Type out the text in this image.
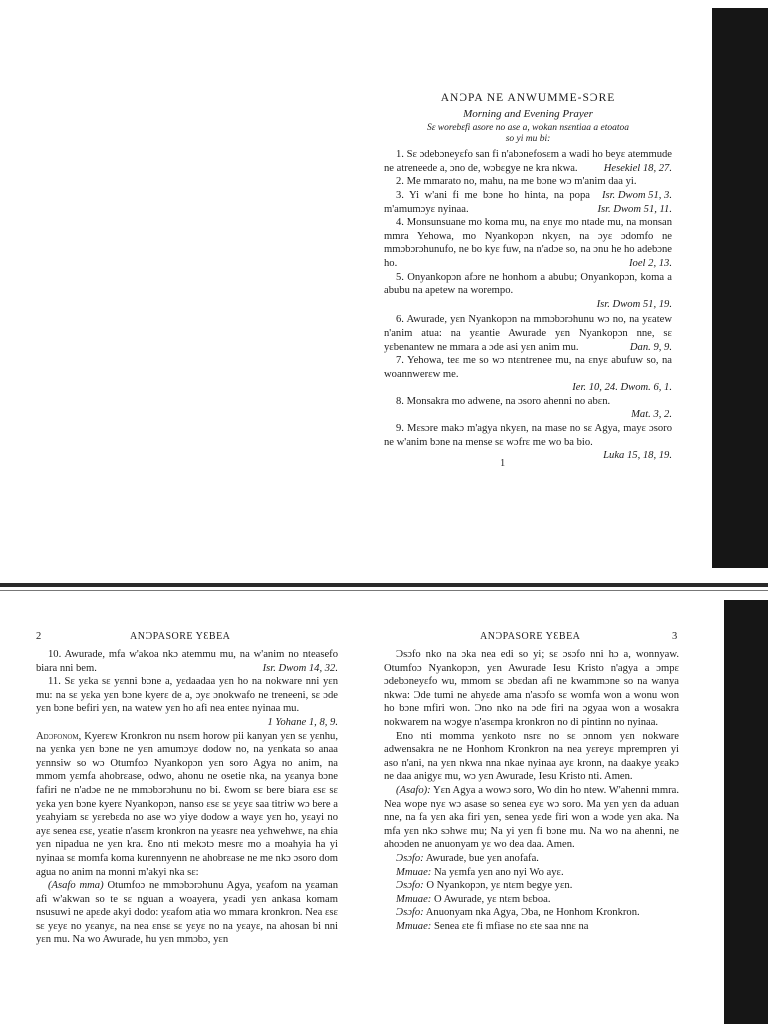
ANƆPA NE ANWUMME-SƆRE
Morning and Evening Prayer
Sɛ worebɛfi asore no ase a, wokan nsɛntiaa a etoatoa
so yi mu bi:

1. Sɛ ɔdebɔneyɛfo san fi n'abɔnefosɛm a wadi ho beyɛ atemmude ne atreneede a, ɔno de, wɔbɛgye ne kra nkwa.	Hesekiel 18, 27.

2. Me mmarato no, mahu, na me bɔne wɔ m'anim daa yi.
Isr. Dwom 51, 3.

3. Yi w'ani fi me bɔne ho hinta, na popa m'amumɔyɛ nyinaa.	Isr. Dwom 51, 11.

4. Monsunsuane mo koma mu, na ɛnyɛ mo ntade mu, na monsan mmra Yehowa, mo Nyankopɔn nkyɛn, na ɔyɛ ɔdomfo ne mmɔbɔrɔhunufo, ne bo kyɛ fuw, na n'adɔe so, na ɔnu he ho adebɔne ho.	Ioel 2, 13.

5. Onyankopɔn afɔre ne honhom a abubu; Onyankopɔn, koma a abubu na apetew na worempo.

Isr. Dwom 51, 19.

6. Awurade, yɛn Nyankopɔn na mmɔbɔrɔhunu wɔ no, na yɛatew n'anim atua: na yɛantie Awurade yɛn Nyankopɔn nne, sɛ yɛbenantew ne mmara a ɔde asi yɛn anim mu.	Dan. 9, 9.

7. Yehowa, teɛ me so wɔ ntɛntrenee mu, na ɛnyɛ abufuw so, na woannwerɛw me.

Ier. 10, 24. Dwom. 6, 1.

8. Monsakra mo adwene, na ɔsoro ahenni no abɛn.

Mat. 3, 2.

9. Mɛsɔre makɔ m'agya nkyɛn, na mase no sɛ Agya, mayɛ ɔsoro ne w'anim bɔne na mense sɛ wɔfrɛ me wo ba bio.
Luka 15, 18, 19.

1
2	ANƆPASORE YƐBEA

10. Awurade, mfa w'akoa nkɔ atemmu mu, na w'anim no nteasefo biara nni bem.	Isr. Dwom 14, 32.

11. Sɛ yɛka sɛ yɛnni bɔne a, yɛdaadaa yɛn ho na nokware nni yɛn mu: na sɛ yɛka yɛn bɔne kyerɛ de a, ɔyɛ ɔnokwafo ne treneeni, sɛ ɔde yɛn bɔne befiri yɛn, na watew yɛn ho afi nea enteɛ nyinaa mu.

1 Yohane 1, 8, 9.

Adɔfonom, Kyerɛw Kronkron nu nsɛm horow pii kanyan yɛn sɛ yɛnhu, na yɛnka yɛn bɔne ne yɛn amumɔyɛ dodow no, na yɛnkata so anaa yɛnnsiw so wɔ Otumfoɔ Nyankopɔn yɛn soro Agya no anim, na mmom yɛmfa ahobrɛase, odwo, ahonu ne osetie nka, na yɛanya bɔne fafiri ne n'adɔe ne ne mmɔbɔrɔhunu no bi. Ɛwom sɛ bere biara ɛsɛ sɛ yɛka yɛn bɔne kyerɛ Nyankopɔn, nanso ɛsɛ sɛ yɛyɛ saa titriw wɔ bere a yɛahyiam sɛ yɛrebɛda no ase wɔ yiye dodow a wayɛ yɛn ho, yɛayi no ayɛ senea ɛsɛ, yɛatie n'asɛm kronkron na yɛasrɛ nea yɛhwehwɛ, na ɛhia yɛn nipadua ne yɛn kra. Ɛno nti mekɔtɔ mesrɛ mo a moahyia ha yi nyinaa sɛ momfa koma kurennyenn ne ahobrɛase ne me nkɔ ɔsoro dom agua no anim na monni m'akyi nka sɛ:

(Asafo mma) Otumfoɔ ne mmɔbɔrɔhunu Agya, yɛafom na yɛaman afi w'akwan so te sɛ nguan a woayera, yɛadi yɛn ankasa komam nsusuwi ne apɛde akyi dodo: yɛafom atia wo mmara kronkron. Nea ɛsɛ sɛ yɛyɛ no yɛanyɛ, na nea ɛnsɛ sɛ yɛyɛ no na yɛayɛ, na ahosan bi nni yɛn mu. Na wo Awurade, hu yɛn mmɔbɔ, yɛn

ANƆPASORE YƐBEA	3

Ɔsɔfo nko na ɔka nea edi so yi; sɛ ɔsɔfo nni hɔ a, wonnyaw. Otumfoɔ Nyankopɔn, yɛn Awurade Iesu Kristo n'agya a ɔmpɛ ɔdebɔneyɛfo wu, mmom sɛ ɔbɛdan afi ne kwammɔne so na wanya nkwa: Ɔde tumi ne ahyɛde ama n'asɔfo sɛ womfa won a wonu won ho bɔne mfiri won. Ɔno nko na ɔde firi na ɔgyaa won a wosakra nokwarem na wɔgye n'asɛmpa kronkron no di pintinn no nyinaa.

Eno nti momma yɛnkoto nsrɛ no sɛ ɔnnom yɛn nokware adwensakra ne ne Honhom Kronkron na nea yɛreyɛ mprempren yi aso n'ani, na yɛn nkwa nna nkae nyinaa ayɛ kronn, na daakye yɛakɔ ne daa anigyɛ mu, wɔ yɛn Awurade, Iesu Kristo nti. Amen.

(Asafo): Yɛn Agya a wowɔ soro, Wo din ho ntew. W'ahenni mmra. Nea wope nyɛ wɔ asase so senea ɛyɛ wɔ soro. Ma yɛn yɛn da aduan nne, na fa yɛn aka firi yɛn, senea yɛde firi won a wɔde yɛn aka. Na mfa yɛn nkɔ sɔhwɛ mu; Na yi yɛn fi bɔne mu. Na wo na ahenni, ne ahoɔden ne anuonyam yɛ wo dea daa. Amen.

Ɔsɔfo: Awurade, bue yɛn anofafa.

Mmuae: Na yɛmfa yɛn ano nyi Wo ayɛ.

Ɔsɔfo: O Nyankopɔn, yɛ ntɛm begye yɛn.

Mmuae: O Awurade, yɛ ntɛm bɛboa.

Ɔsɔfo: Anuonyam nka Agya, Ɔba, ne Honhom Kronkron.

Mmuae: Senea ɛte fi mfiase no ɛte saa nnɛ na
